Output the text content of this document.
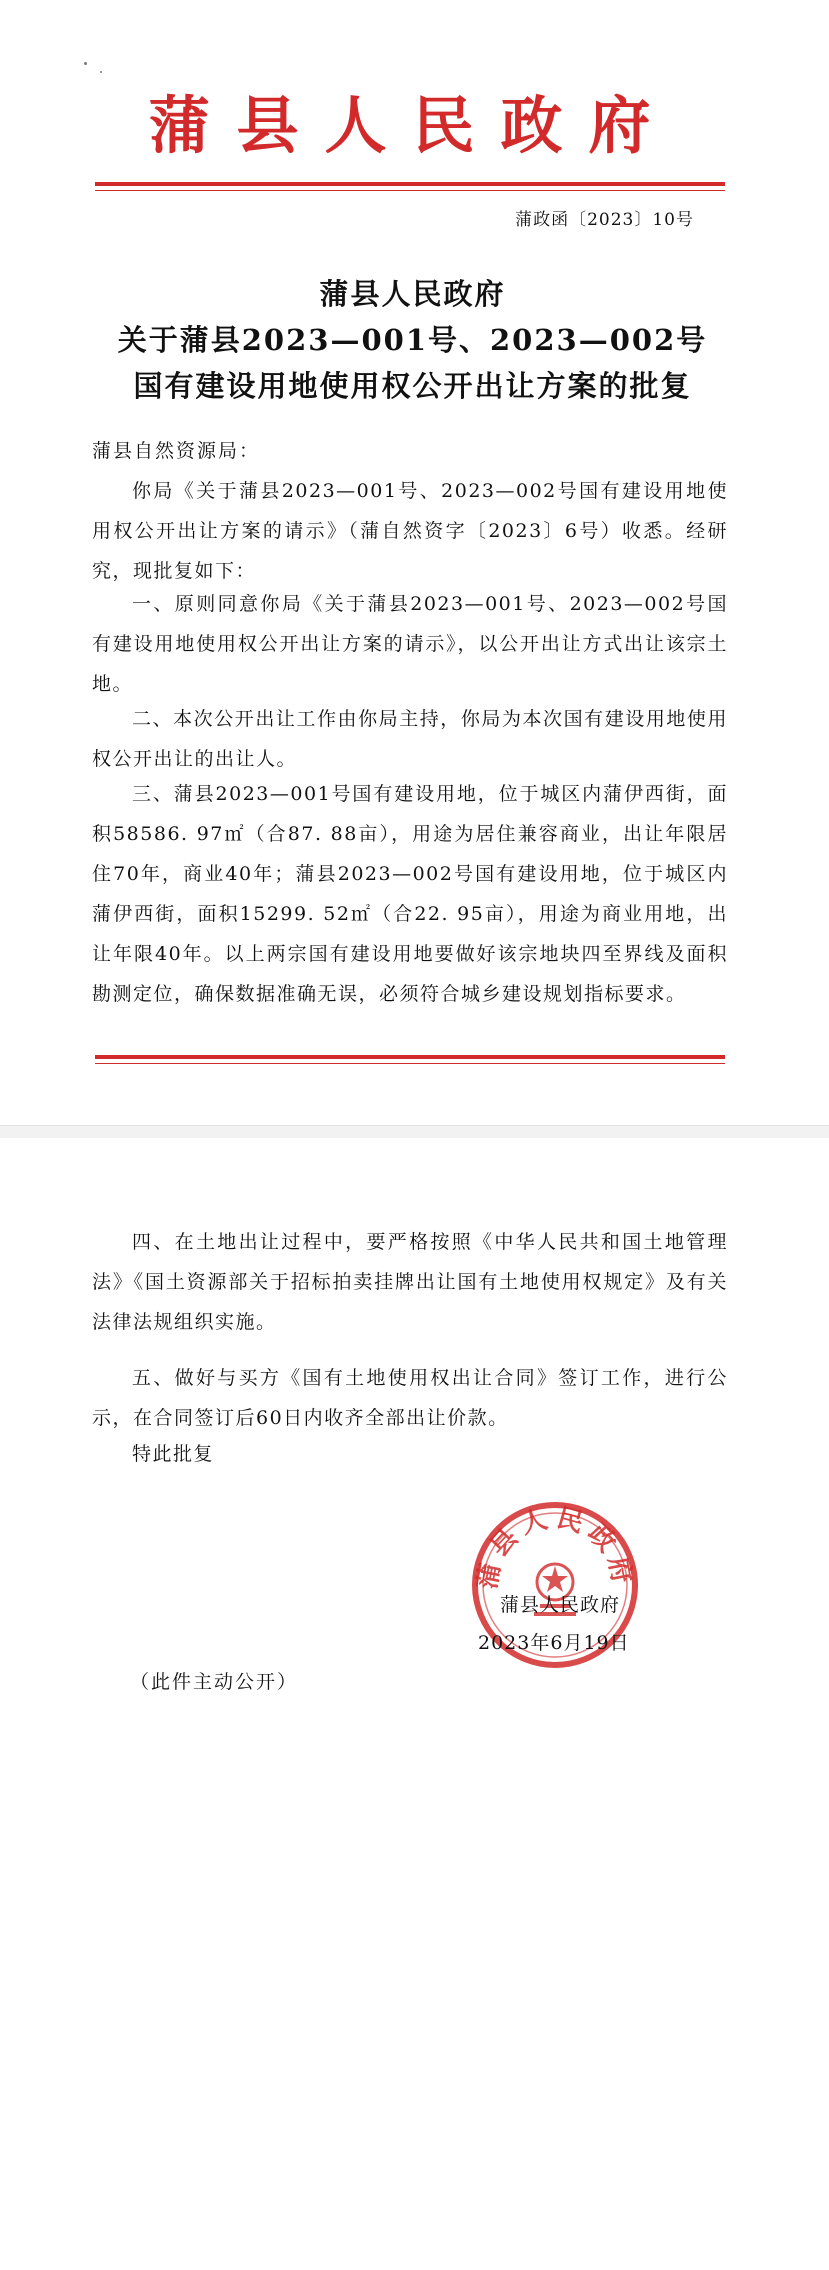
蒲县人民政府
蒲政函〔2023〕10号
蒲县人民政府
关于蒲县2023—001号、2023—002号
国有建设用地使用权公开出让方案的批复
蒲县自然资源局：

你局《关于蒲县2023—001号、2023—002号国有建设用地使用权公开出让方案的请示》（蒲自然资字〔2023〕6号）收悉。经研究，现批复如下：

一、原则同意你局《关于蒲县2023—001号、2023—002号国有建设用地使用权公开出让方案的请示》，以公开出让方式出让该宗土地。

二、本次公开出让工作由你局主持，你局为本次国有建设用地使用权公开出让的出让人。

三、蒲县2023—001号国有建设用地，位于城区内蒲伊西街，面积58586. 97㎡（合87. 88亩），用途为居住兼容商业，出让年限居住70年，商业40年；蒲县2023—002号国有建设用地，位于城区内蒲伊西街，面积15299. 52㎡（合22. 95亩），用途为商业用地，出让年限40年。以上两宗国有建设用地要做好该宗地块四至界线及面积勘测定位，确保数据准确无误，必须符合城乡建设规划指标要求。

四、在土地出让过程中，要严格按照《中华人民共和国土地管理法》《国土资源部关于招标拍卖挂牌出让国有土地使用权规定》及有关法律法规组织实施。

五、做好与买方《国有土地使用权出让合同》签订工作，进行公示，在合同签订后60日内收齐全部出让价款。

特此批复

蒲县人民政府
蒲县人民政府
2023年6月19日
（此件主动公开）
